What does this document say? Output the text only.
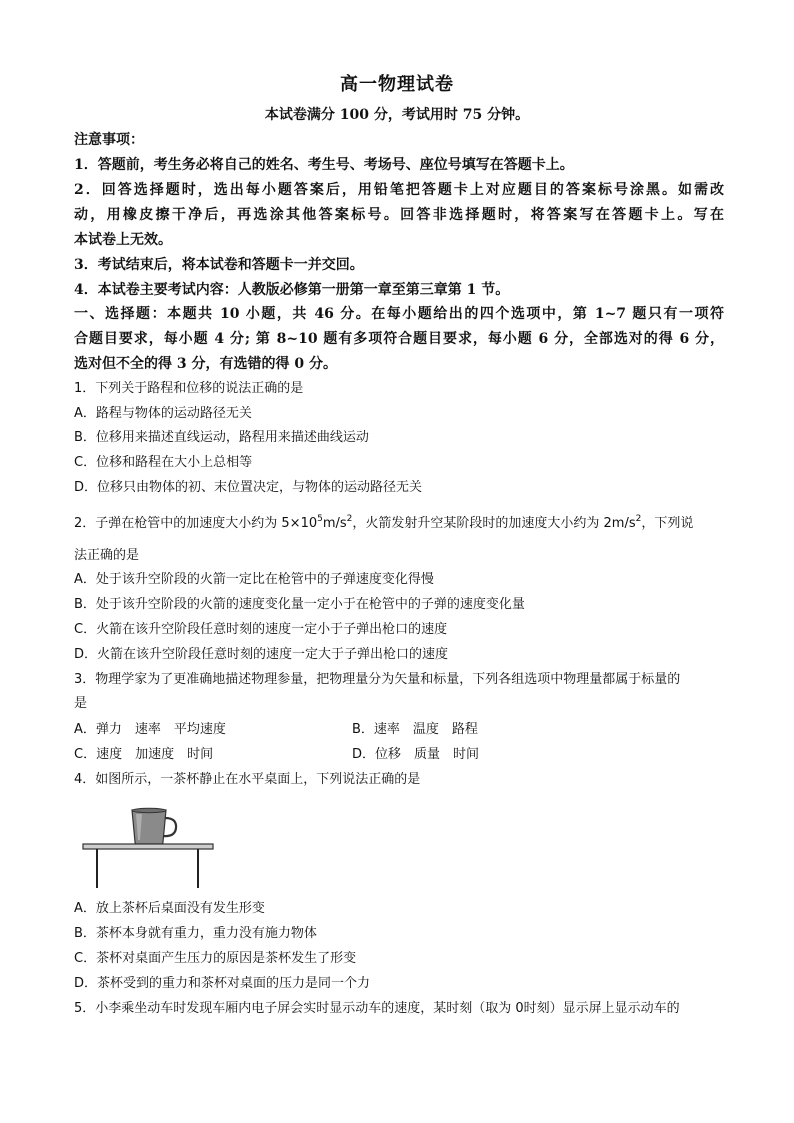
高一物理试卷
本试卷满分 100 分，考试用时 75 分钟。
注意事项：
1．答题前，考生务必将自己的姓名、考生号、考场号、座位号填写在答题卡上。
2．回答选择题时，选出每小题答案后，用铅笔把答题卡上对应题目的答案标号涂黑。如需改
动，用橡皮擦干净后，再选涂其他答案标号。回答非选择题时，将答案写在答题卡上。写在
本试卷上无效。
3．考试结束后，将本试卷和答题卡一并交回。
4．本试卷主要考试内容：人教版必修第一册第一章至第三章第 1 节。
一、选择题：本题共 10 小题，共 46 分。在每小题给出的四个选项中，第 1~7 题只有一项符
合题目要求，每小题 4 分; 第 8~10 题有多项符合题目要求，每小题 6 分，全部选对的得 6 分，
选对但不全的得 3 分，有选错的得 0 分。
1．下列关于路程和位移的说法正确的是
A．路程与物体的运动路径无关
B．位移用来描述直线运动，路程用来描述曲线运动
C．位移和路程在大小上总相等
D．位移只由物体的初、末位置决定，与物体的运动路径无关
2．子弹在枪管中的加速度大小约为 $5\times 10^5m/s^2$，火箭发射升空某阶段时的加速度大小约为 $2m/s^2$，下列说
法正确的是
A．处于该升空阶段的火箭一定比在枪管中的子弹速度变化得慢
B．处于该升空阶段的火箭的速度变化量一定小于在枪管中的子弹的速度变化量
C．火箭在该升空阶段任意时刻的速度一定小于子弹出枪口的速度
D．火箭在该升空阶段任意时刻的速度一定大于子弹出枪口的速度
3．物理学家为了更准确地描述物理参量，把物理量分为矢量和标量，下列各组选项中物理量都属于标量的
是
A．弹力　速率　平均速度	B．速率　温度　路程
C．速度　加速度　时间	D．位移　质量　时间
4．如图所示，一茶杯静止在水平桌面上，下列说法正确的是
A．放上茶杯后桌面没有发生形变
B．茶杯本身就有重力，重力没有施力物体
C．茶杯对桌面产生压力的原因是茶杯发生了形变
D．茶杯受到的重力和茶杯对桌面的压力是同一个力
5．小李乘坐动车时发现车厢内电子屏会实时显示动车的速度，某时刻（取为 0时刻）显示屏上显示动车的
